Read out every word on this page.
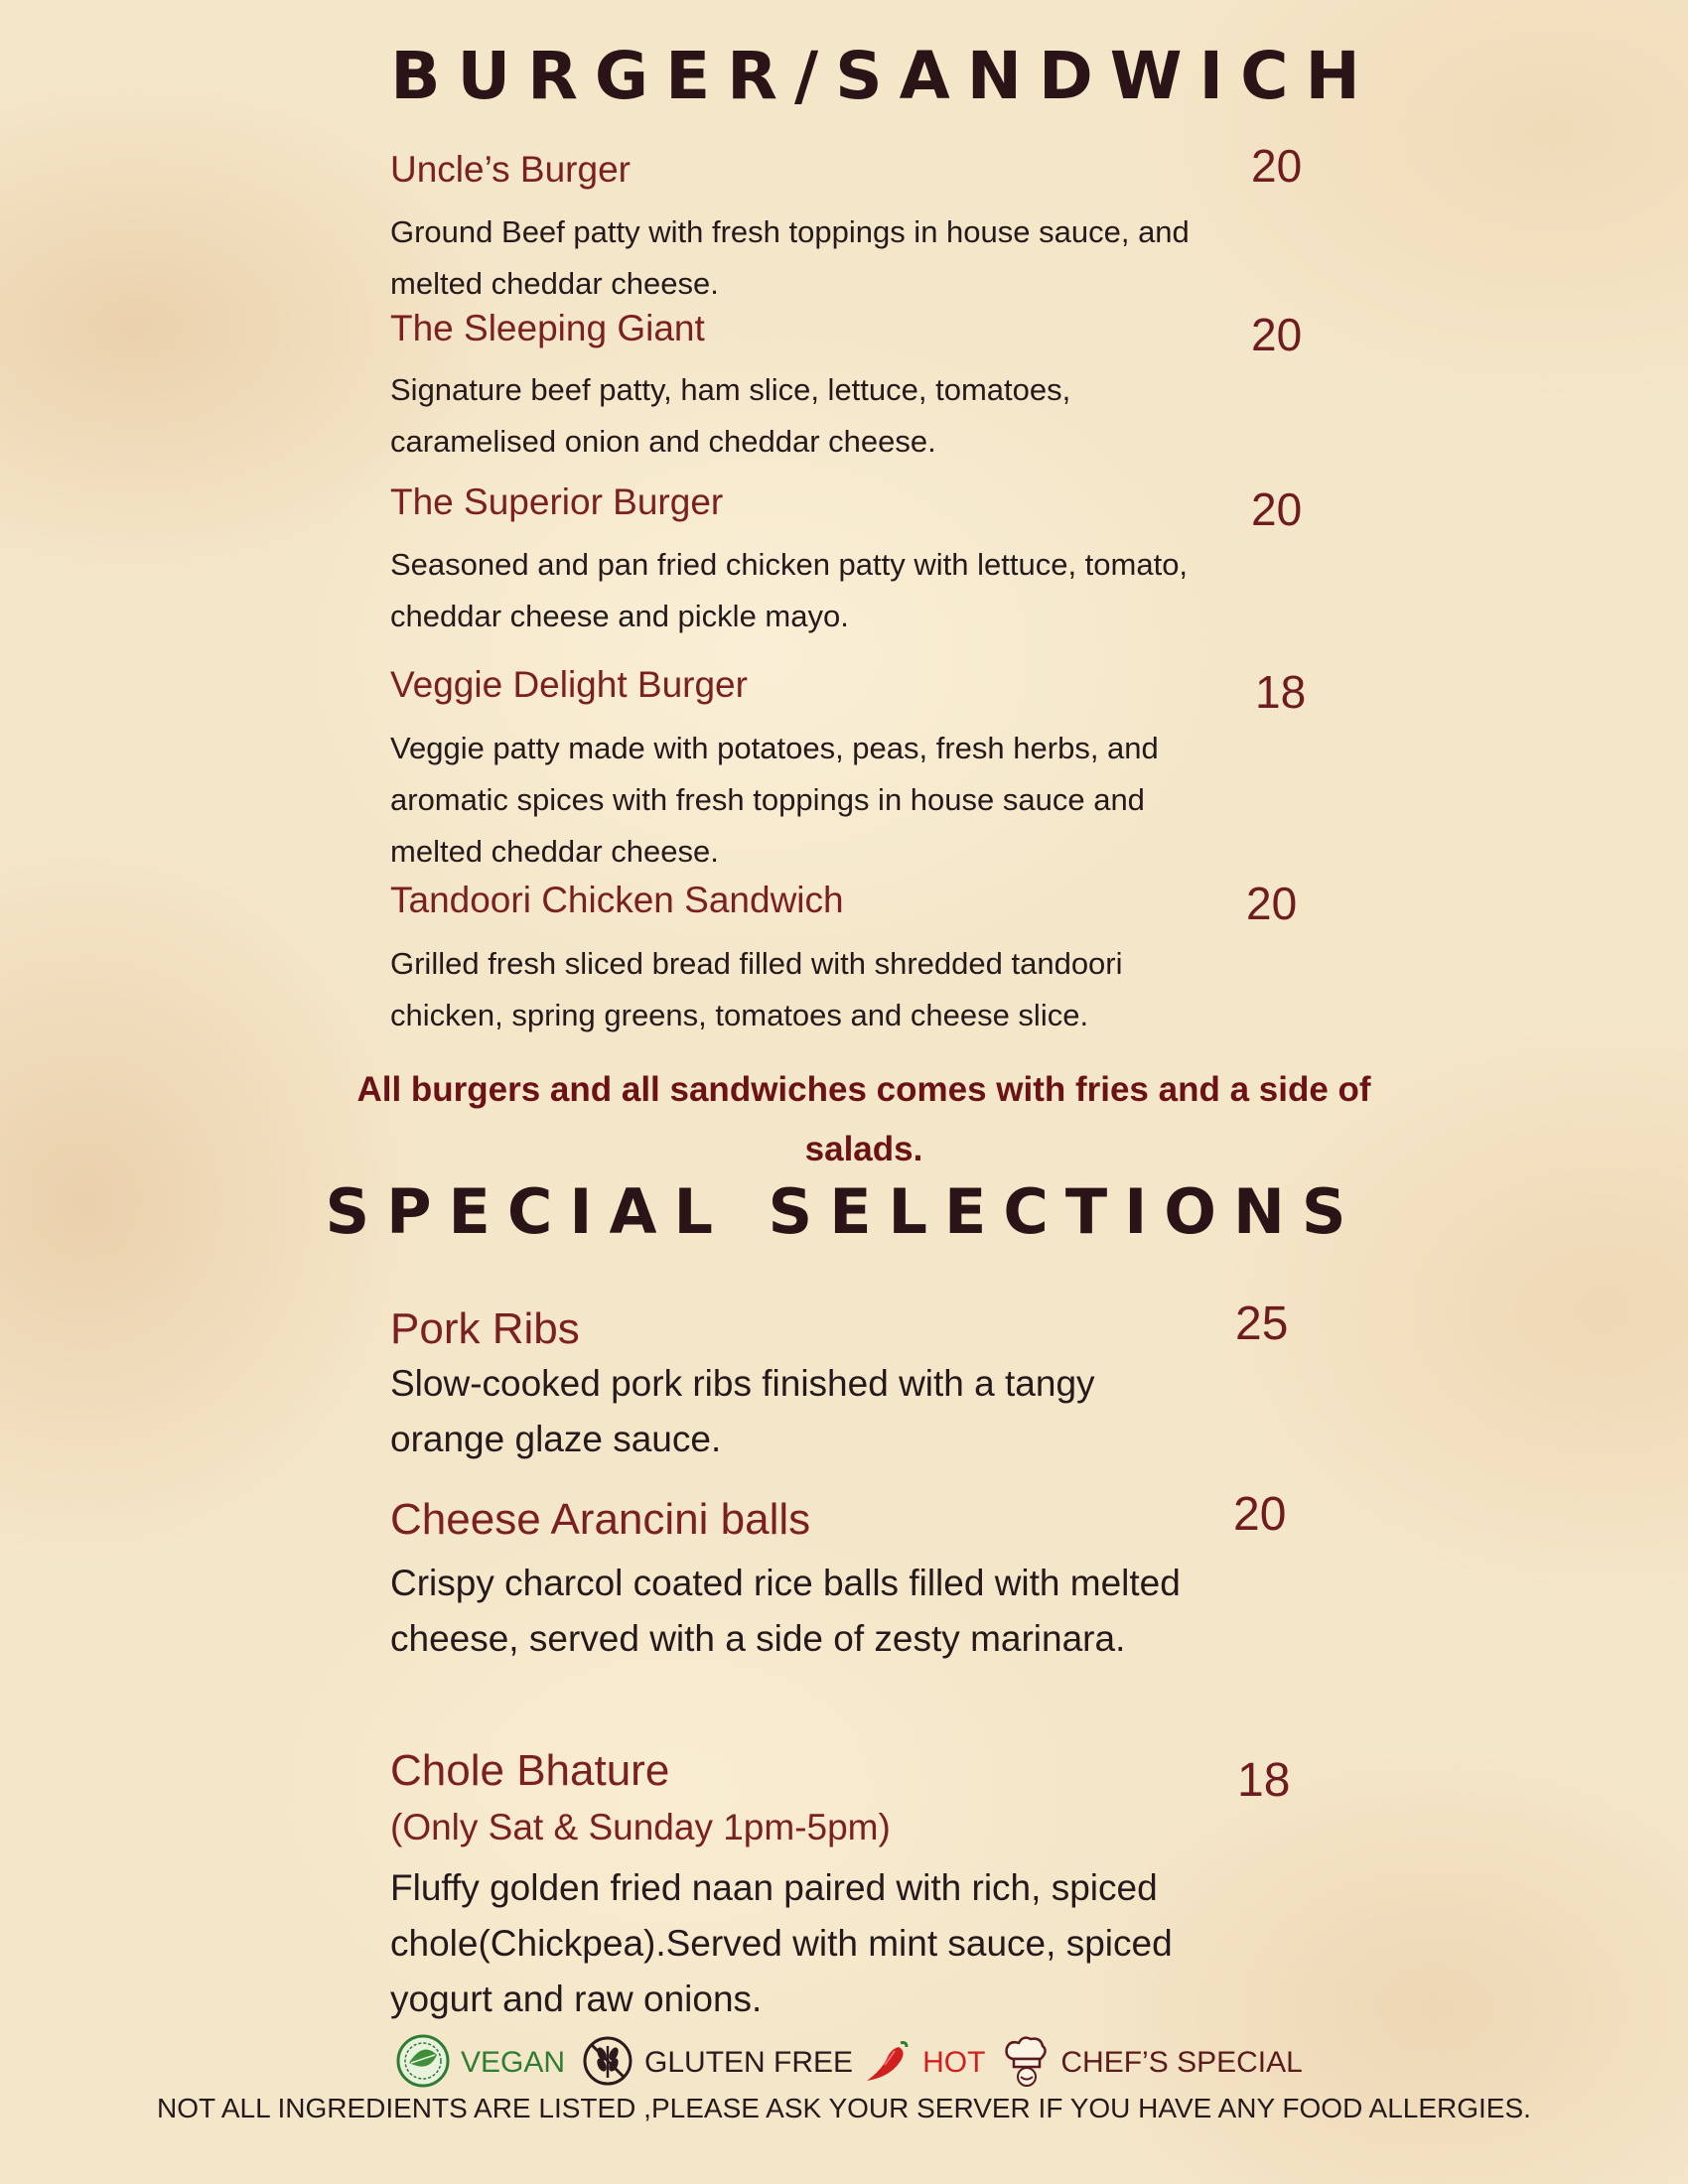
BURGER/SANDWICH
Uncle’s Burger	20
Ground Beef patty with fresh toppings in house sauce, and melted cheddar cheese.
The Sleeping Giant	20
Signature beef patty, ham slice, lettuce, tomatoes, caramelised onion and cheddar cheese.
The Superior Burger	20
Seasoned and pan fried chicken patty with lettuce, tomato, cheddar cheese and pickle mayo.
Veggie Delight Burger	18
Veggie patty made with potatoes, peas, fresh herbs, and aromatic spices with fresh toppings in house sauce and melted cheddar cheese.
Tandoori Chicken Sandwich	20
Grilled fresh sliced bread filled with shredded tandoori chicken, spring greens, tomatoes and cheese slice.
All burgers and all sandwiches comes with fries and a side of salads.
SPECIAL SELECTIONS
Pork Ribs	25
Slow-cooked pork ribs finished with a tangy orange glaze sauce.
Cheese Arancini balls	20
Crispy charcol coated rice balls filled with melted cheese, served with a side of zesty marinara.
Chole Bhature	18
(Only Sat & Sunday 1pm-5pm)
Fluffy golden fried naan paired with rich, spiced chole(Chickpea).Served with mint sauce, spiced yogurt and raw onions.
VEGAN	GLUTEN FREE HOT	CHEF’S SPECIAL
NOT ALL INGREDIENTS ARE LISTED ,PLEASE ASK YOUR SERVER IF YOU HAVE ANY FOOD ALLERGIES.
